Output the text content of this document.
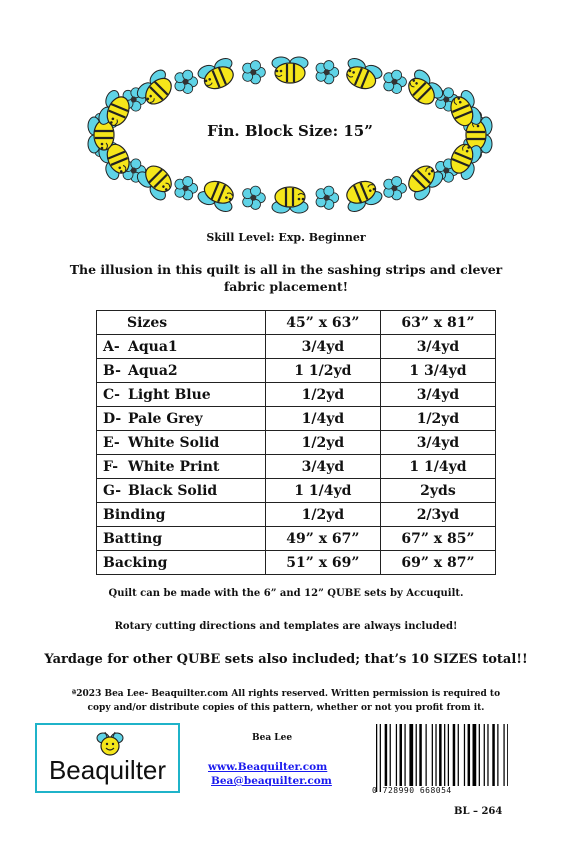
Fin. Block Size: 15”
Skill Level: Exp. Beginner
The illusion in this quilt is all in the sashing strips and clever fabric placement!
Sizes	45” x 63”	63” x 81”
A- Aqua1	3/4yd	3/4yd
B- Aqua2	1 1/2yd	1 3/4yd
C- Light Blue	1/2yd	3/4yd
D- Pale Grey	1/4yd	1/2yd
E- White Solid	1/2yd	3/4yd
F- White Print	3/4yd	1 1/4yd
G- Black Solid	1 1/4yd	2yds
Binding	1/2yd	2/3yd
Batting	49” x 67”	67” x 85”
Backing	51” x 69”	69” x 87”
Quilt can be made with the 6” and 12” QUBE sets by Accuquilt.
Rotary cutting directions and templates are always included!
Yardage for other QUBE sets also included; that’s 10 SIZES total!!
ª2023 Bea Lee- Beaquilter.com All rights reserved. Written permission is required to copy and/or distribute copies of this pattern, whether or not you profit from it.
Beaquilter
Bea Lee
www.Beaquilter.com
Bea@beaquilter.com
0 728990 668054
BL – 264
